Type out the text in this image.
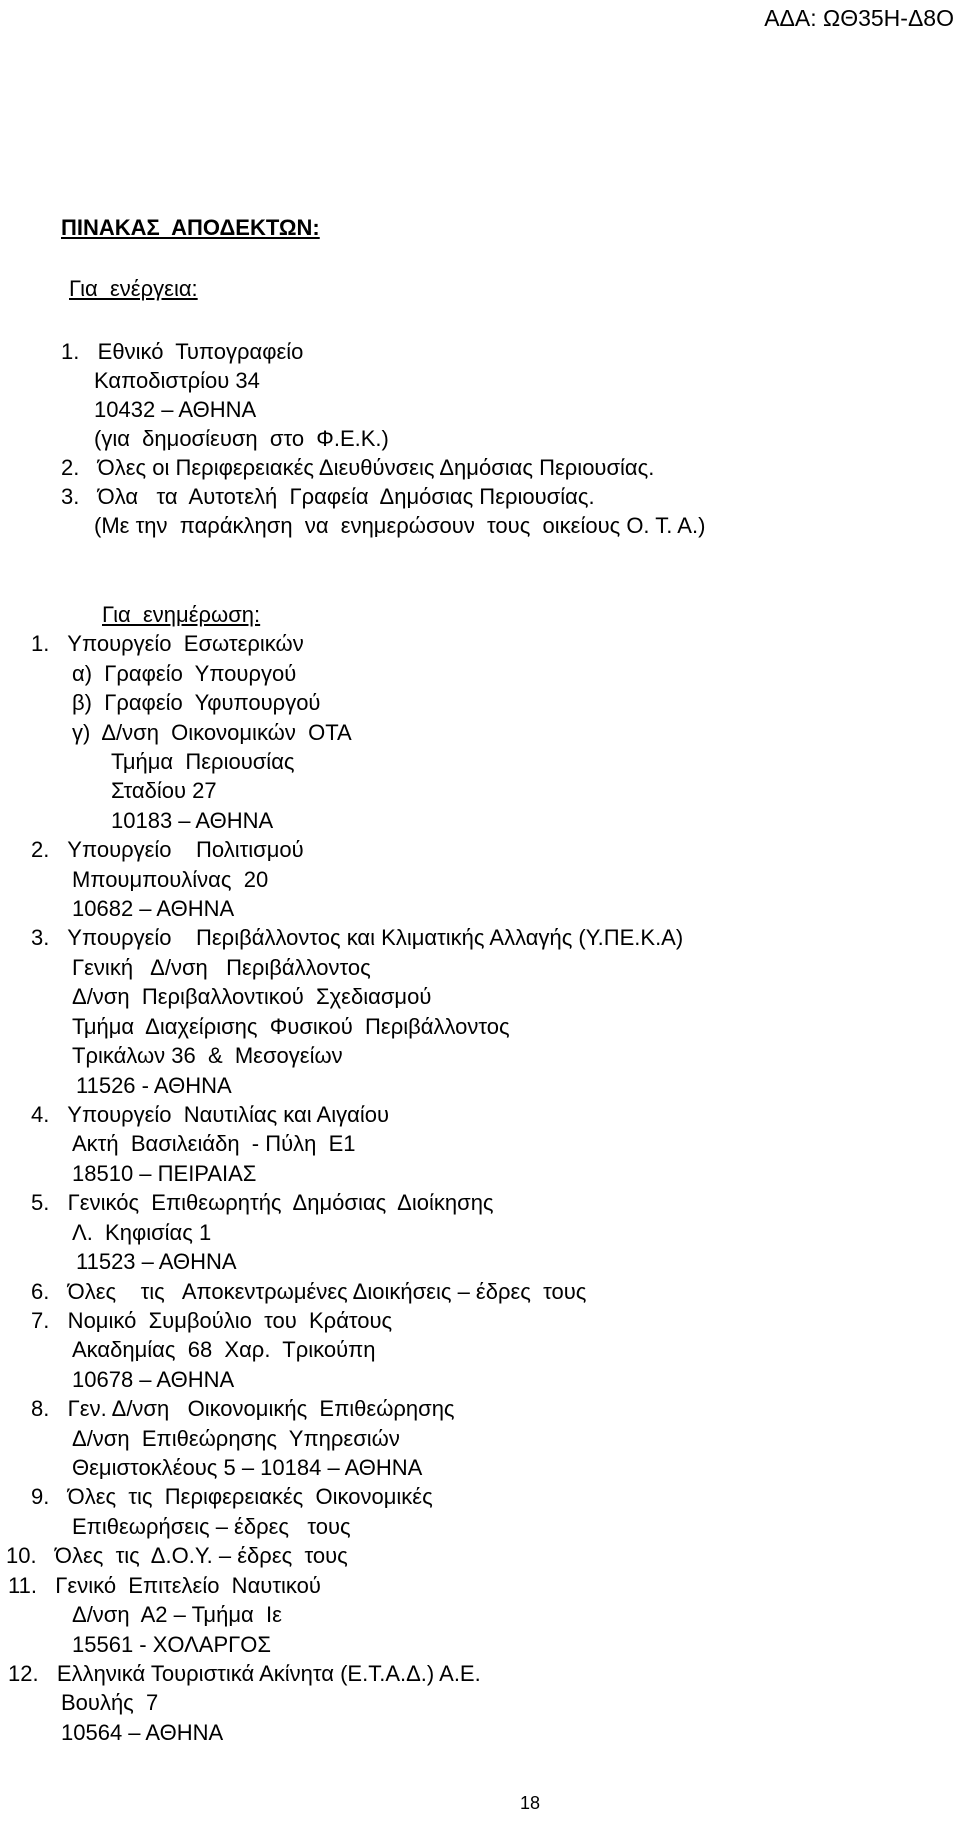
ΑΔΑ: ΩΘ35Η-Δ8Ο
ΠΙΝΑΚΑΣ  ΑΠΟΔΕΚΤΩΝ:
Για  ενέργεια:
1.   Εθνικό  Τυπογραφείο
Καποδιστρίου 34
10432 – ΑΘΗΝΑ
(για  δημοσίευση  στο  Φ.Ε.Κ.)
2.   Όλες οι Περιφερειακές Διευθύνσεις Δημόσιας Περιουσίας.
3.   Όλα   τα  Αυτοτελή  Γραφεία  Δημόσιας Περιουσίας.
(Με την  παράκληση  να  ενημερώσουν  τους  οικείους Ο. Τ. Α.)
Για  ενημέρωση:
1.   Υπουργείο  Εσωτερικών
α)  Γραφείο  Υπουργού
β)  Γραφείο  Υφυπουργού
γ)  Δ/νση  Οικονομικών  ΟΤΑ
Τμήμα  Περιουσίας
Σταδίου 27
10183 – ΑΘΗΝΑ
2.   Υπουργείο    Πολιτισμού
Μπουμπουλίνας  20
10682 – ΑΘΗΝΑ
3.   Υπουργείο    Περιβάλλοντος και Κλιματικής Αλλαγής (Υ.ΠΕ.Κ.Α)
Γενική   Δ/νση   Περιβάλλοντος
Δ/νση  Περιβαλλοντικού  Σχεδιασμού
Τμήμα  Διαχείρισης  Φυσικού  Περιβάλλοντος
Τρικάλων 36  &  Μεσογείων
11526 - ΑΘΗΝΑ
4.   Υπουργείο  Ναυτιλίας και Αιγαίου
Ακτή  Βασιλειάδη  - Πύλη  Ε1
18510 – ΠΕΙΡΑΙΑΣ
5.   Γενικός  Επιθεωρητής  Δημόσιας  Διοίκησης
Λ.  Κηφισίας 1
11523 – ΑΘΗΝΑ
6.   Όλες    τις   Αποκεντρωμένες Διοικήσεις – έδρες  τους
7.   Νομικό  Συμβούλιο  του  Κράτους
Ακαδημίας  68  Χαρ.  Τρικούπη
10678 – ΑΘΗΝΑ
8.   Γεν. Δ/νση   Οικονομικής  Επιθεώρησης
Δ/νση  Επιθεώρησης  Υπηρεσιών
Θεμιστοκλέους 5 – 10184 – ΑΘΗΝΑ
9.   Όλες  τις  Περιφερειακές  Οικονομικές
Επιθεωρήσεις – έδρες   τους
10.   Όλες  τις  Δ.Ο.Υ. – έδρες  τους
11.   Γενικό  Επιτελείο  Ναυτικού
Δ/νση  Α2 – Τμήμα  Ιε
15561 - ΧΟΛΑΡΓΟΣ
12.   Ελληνικά Τουριστικά Ακίνητα (Ε.Τ.Α.Δ.) Α.Ε.
Βουλής  7
10564 – ΑΘΗΝΑ
18
